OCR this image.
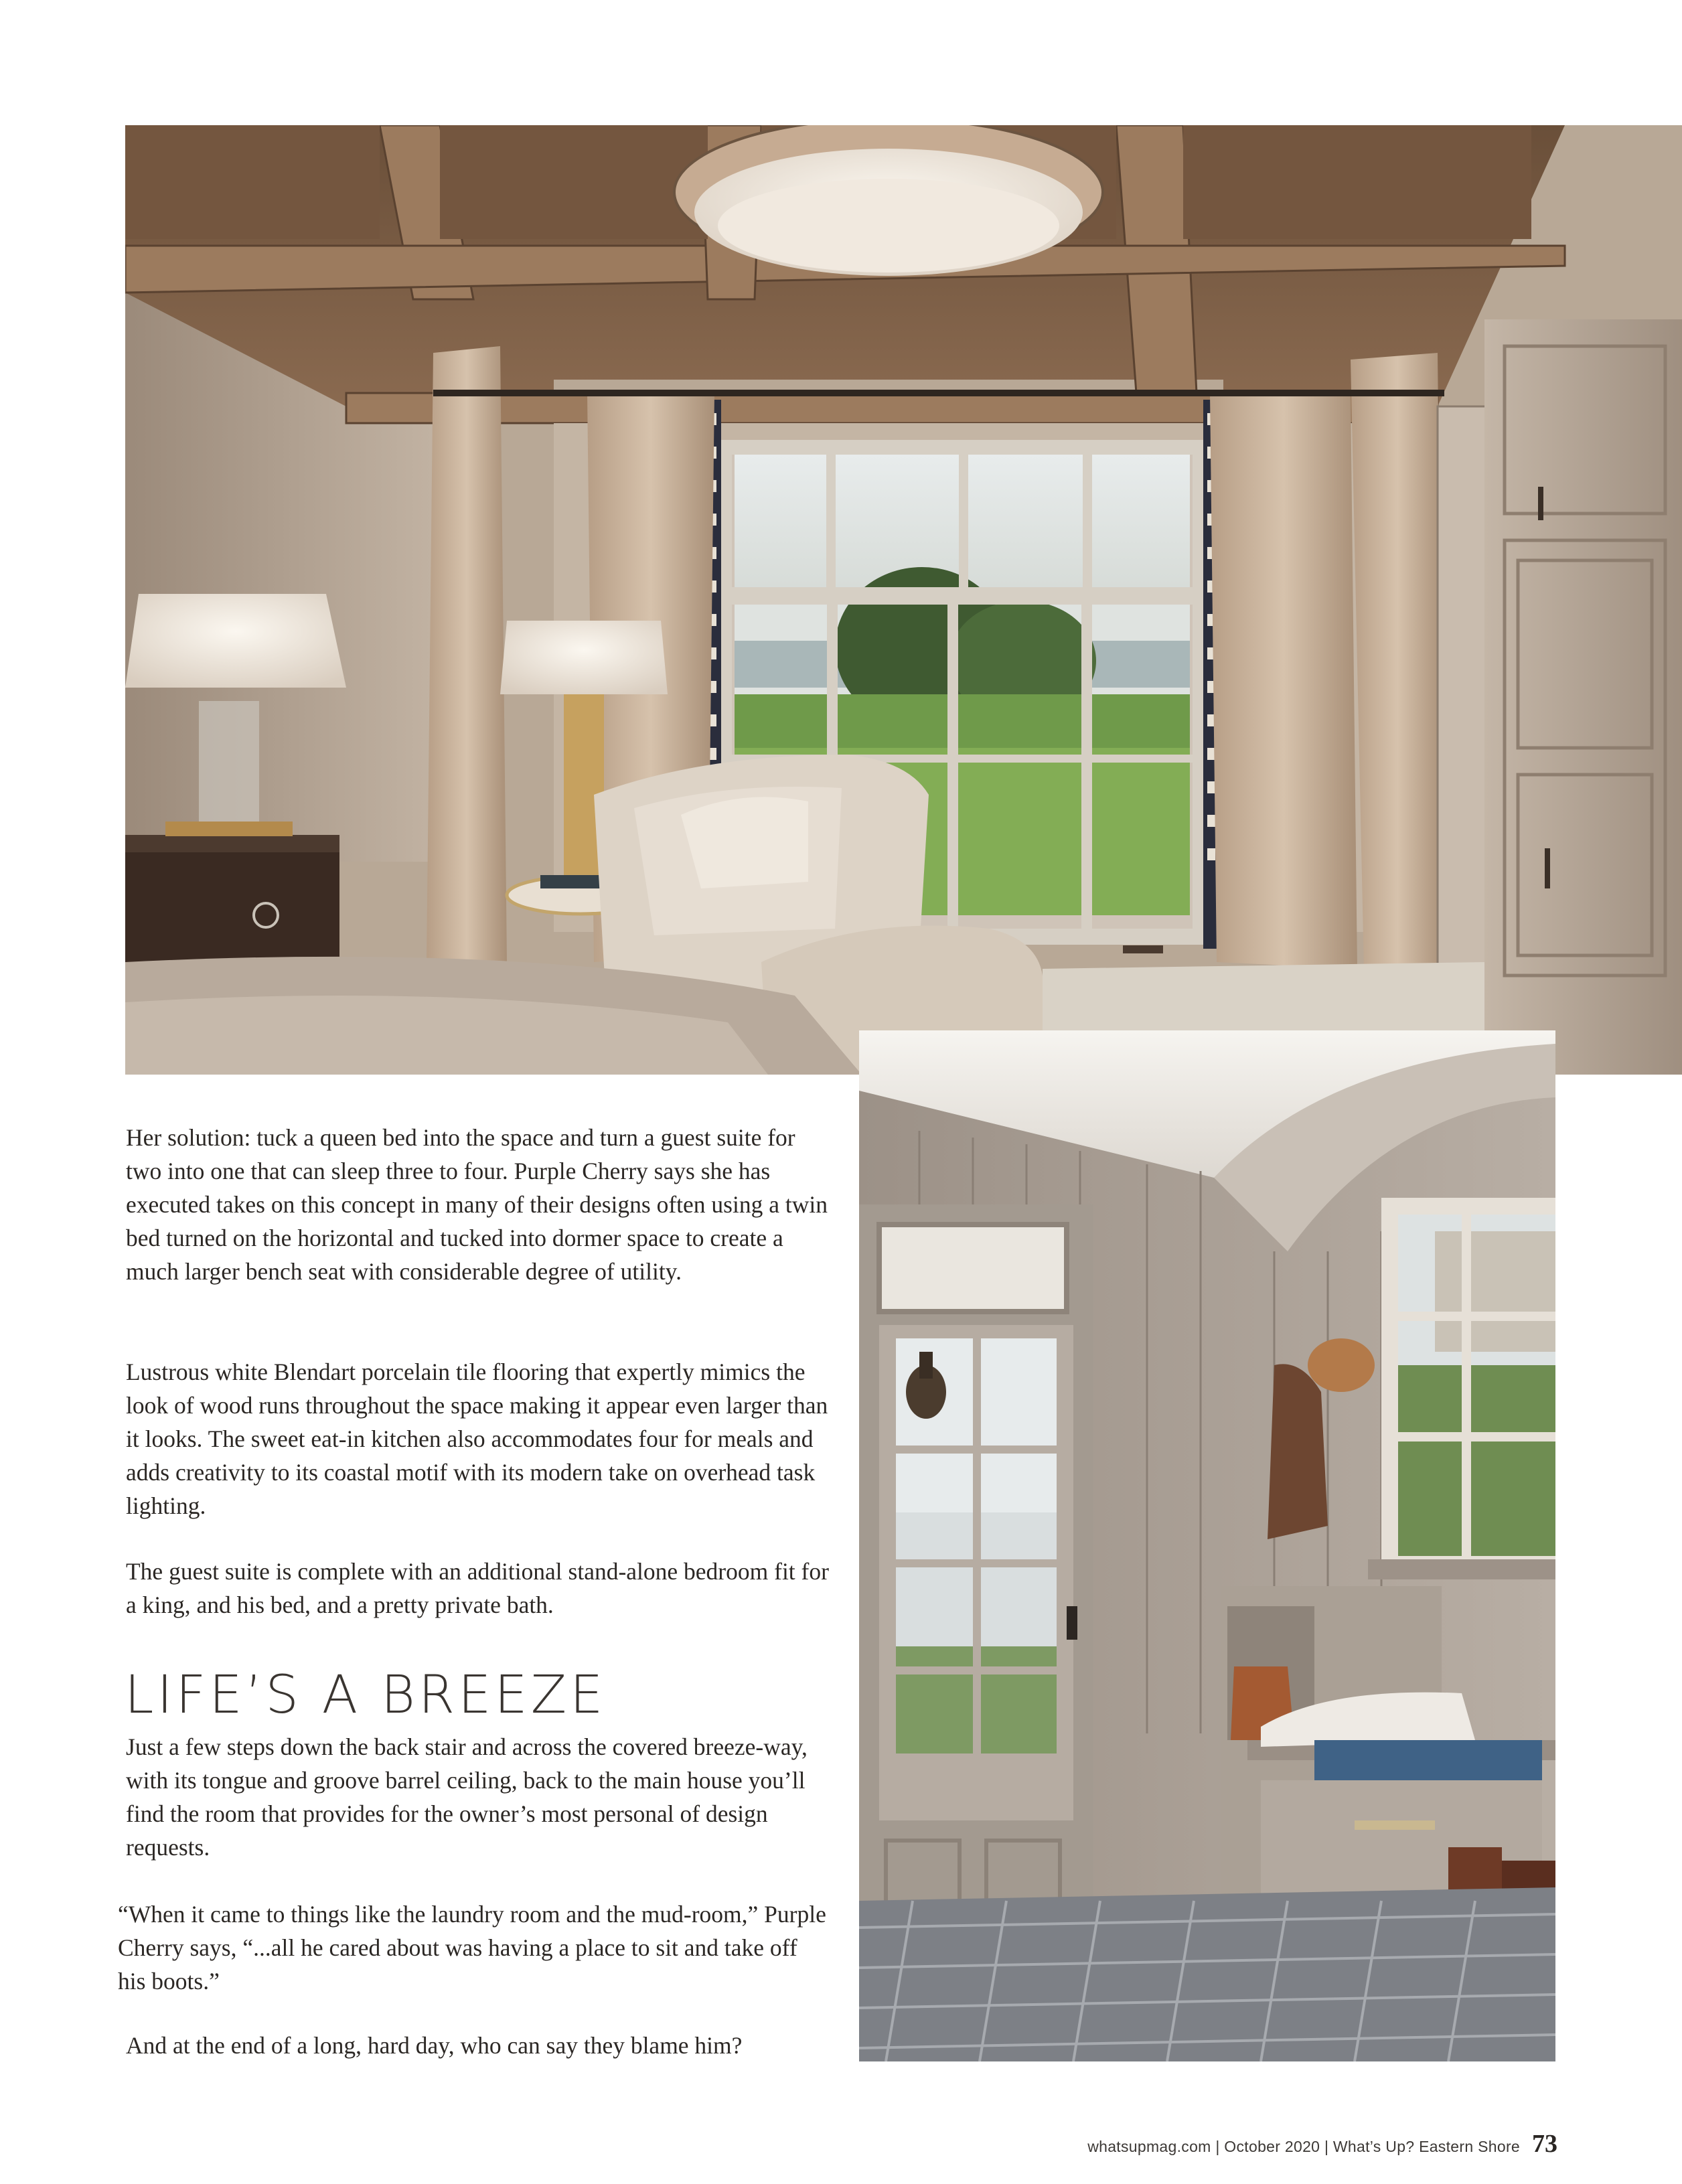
Her solution: tuck a queen bed into the space and turn a guest suite for two into one that can sleep three to four. Purple Cherry says she has executed takes on this concept in many of their designs often using a twin bed turned on the horizontal and tucked into dormer space to create a much larger bench seat with considerable degree of utility.

Lustrous white Blendart porcelain tile flooring that expertly mimics the look of wood runs throughout the space making it appear even larger than it looks. The sweet eat-in kitchen also accommodates four for meals and adds creativity to its coastal motif with its modern take on overhead task lighting.

The guest suite is complete with an additional stand-alone bedroom fit for a king, and his bed, and a pretty private bath.

LIFE’S A BREEZE

Just a few steps down the back stair and across the covered breeze-way, with its tongue and groove barrel ceiling, back to the main house you’ll find the room that provides for the owner’s most personal of design requests.

“When it came to things like the laundry room and the mud-room,” Purple Cherry says, “...all he cared about was having a place to sit and take off his boots.”

And at the end of a long, hard day, who can say they blame him?

whatsupmag.com | October 2020 | What’s Up? Eastern Shore 73
